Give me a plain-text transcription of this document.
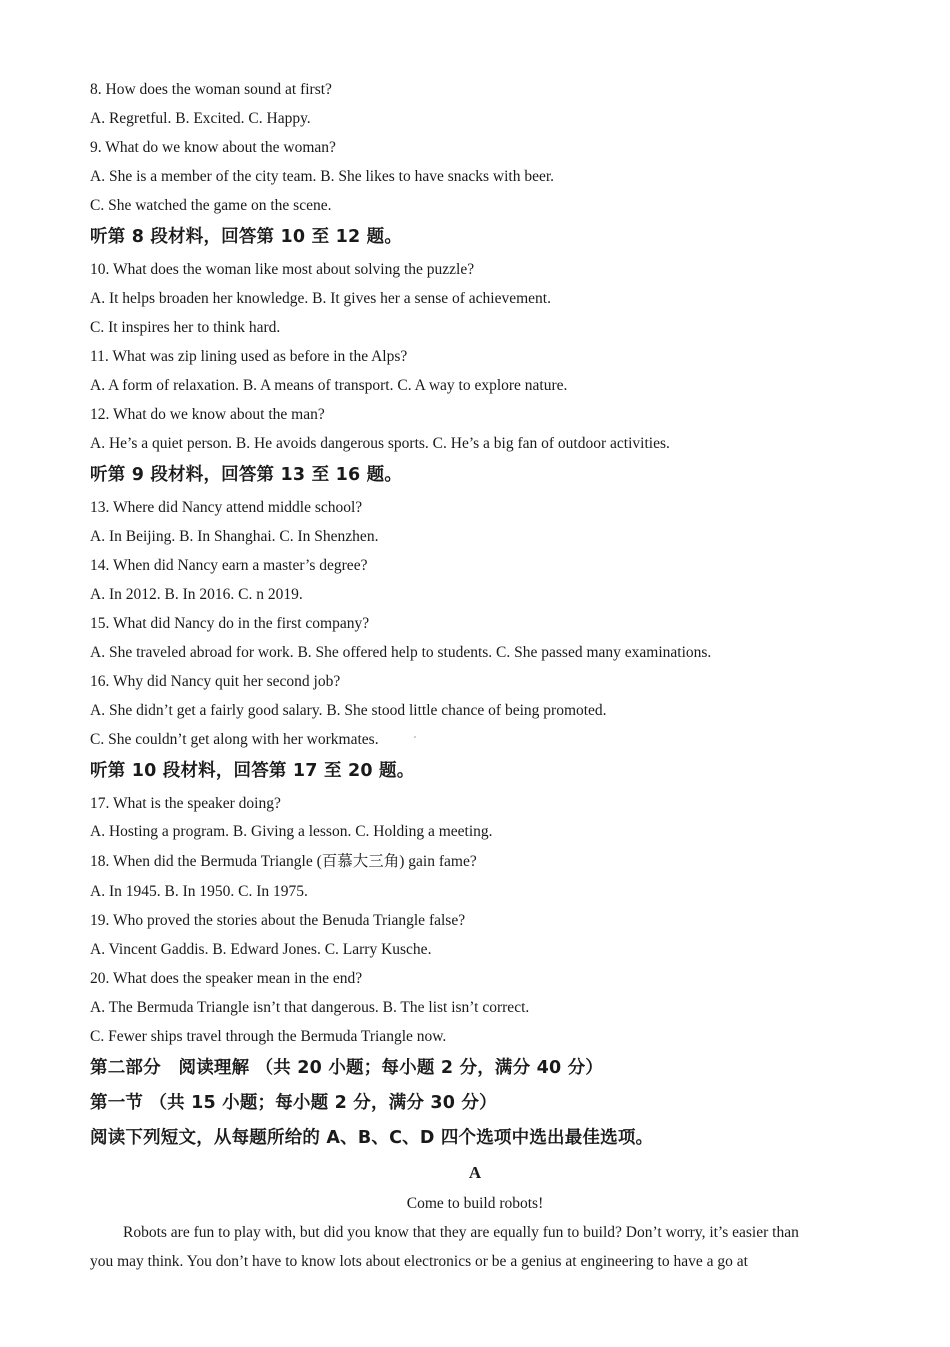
8. How does the woman sound at first?
A. Regretful. B. Excited. C. Happy.
9. What do we know about the woman?
A. She is a member of the city team. B. She likes to have snacks with beer.
C. She watched the game on the scene.
听第 8 段材料，回答第 10 至 12 题。
10. What does the woman like most about solving the puzzle?
A. It helps broaden her knowledge. B. It gives her a sense of achievement.
C. It inspires her to think hard.
11. What was zip lining used as before in the Alps?
A. A form of relaxation. B. A means of transport. C. A way to explore nature.
12. What do we know about the man?
A. He’s a quiet person. B. He avoids dangerous sports. C. He’s a big fan of outdoor activities.
听第 9 段材料，回答第 13 至 16 题。
13. Where did Nancy attend middle school?
A. In Beijing. B. In Shanghai. C. In Shenzhen.
14. When did Nancy earn a master’s degree?
A. In 2012. B. In 2016. C. n 2019.
15. What did Nancy do in the first company?
A. She traveled abroad for work. B. She offered help to students. C. She passed many examinations.
16. Why did Nancy quit her second job?
A. She didn’t get a fairly good salary. B. She stood little chance of being promoted.
C. She couldn’t get along with her workmates.
听第 10 段材料，回答第 17 至 20 题。
17. What is the speaker doing?
A. Hosting a program. B. Giving a lesson. C. Holding a meeting.
18. When did the Bermuda Triangle (百慕大三角) gain fame?
A. In 1945. B. In 1950. C. In 1975.
19. Who proved the stories about the Benuda Triangle false?
A. Vincent Gaddis. B. Edward Jones. C. Larry Kusche.
20. What does the speaker mean in the end?
A. The Bermuda Triangle isn’t that dangerous. B. The list isn’t correct.
C. Fewer ships travel through the Bermuda Triangle now.
第二部分　阅读理解 （共 20 小题；每小题 2 分，满分 40 分）
第一节 （共 15 小题；每小题 2 分，满分 30 分）
阅读下列短文，从每题所给的 A、B、C、D 四个选项中选出最佳选项。
A
Come to build robots!
Robots are fun to play with, but did you know that they are equally fun to build? Don’t worry, it’s easier than
you may think. You don’t have to know lots about electronics or be a genius at engineering to have a go at
